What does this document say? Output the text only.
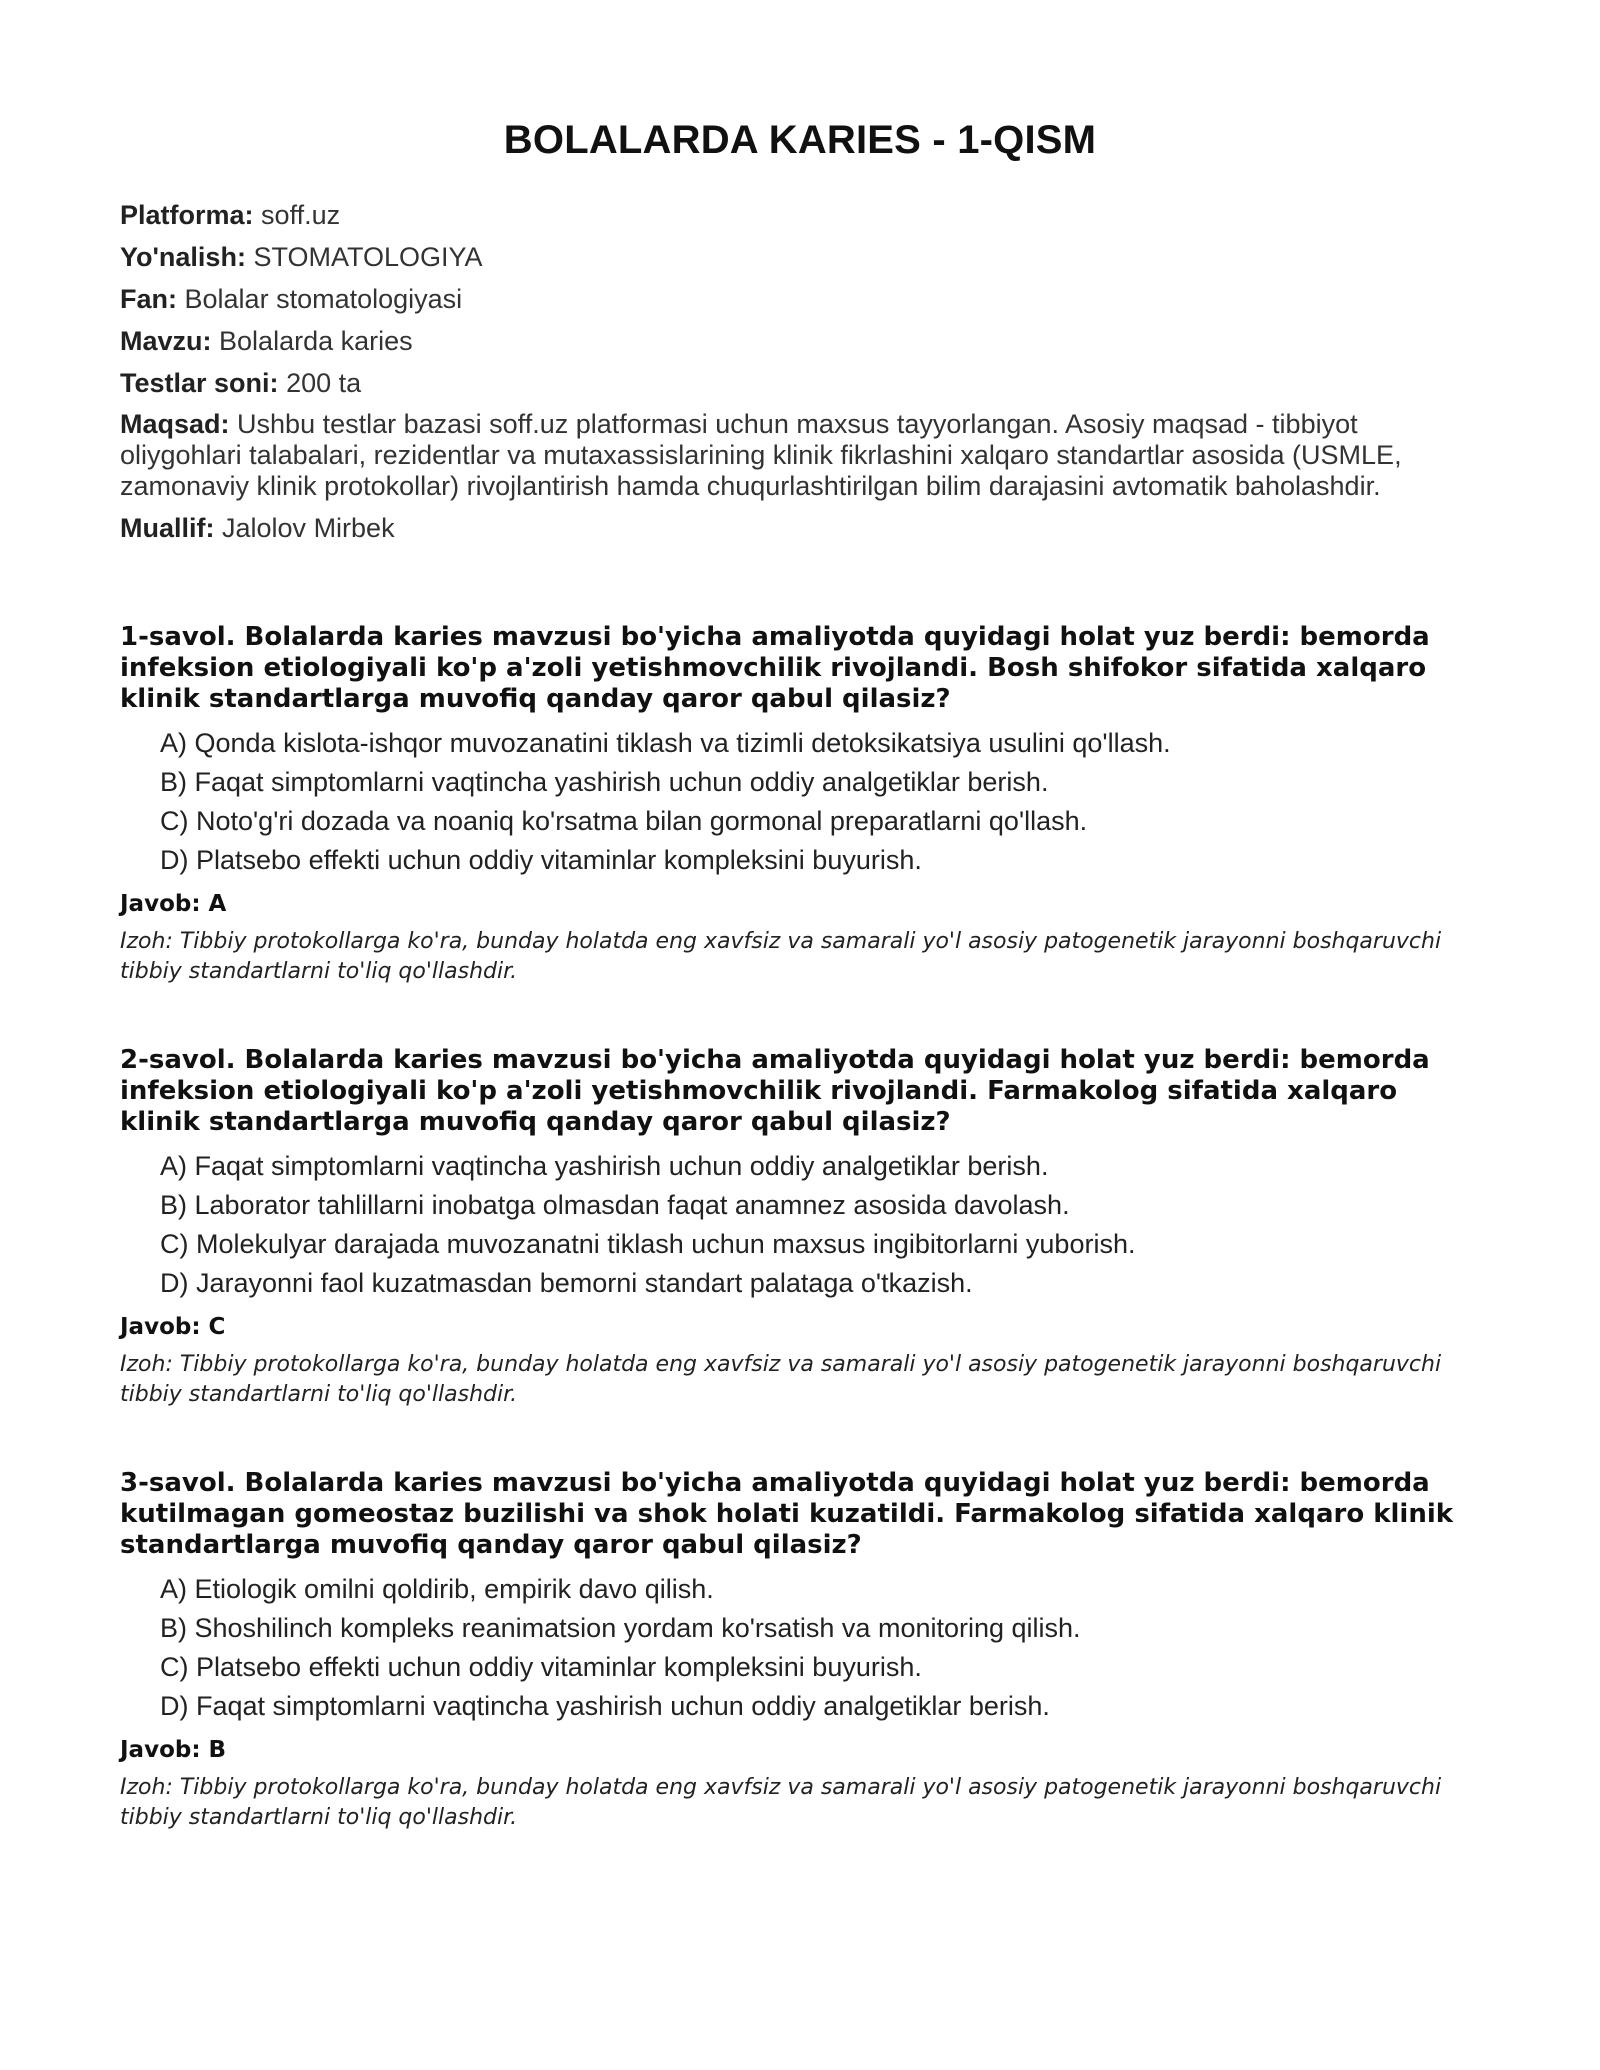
BOLALARDA KARIES - 1-QISM
Platforma: soff.uz
Yo'nalish: STOMATOLOGIYA
Fan: Bolalar stomatologiyasi
Mavzu: Bolalarda karies
Testlar soni: 200 ta
Maqsad: Ushbu testlar bazasi soff.uz platformasi uchun maxsus tayyorlangan. Asosiy maqsad - tibbiyot oliygohlari talabalari, rezidentlar va mutaxassislarining klinik fikrlashini xalqaro standartlar asosida (USMLE, zamonaviy klinik protokollar) rivojlantirish hamda chuqurlashtirilgan bilim darajasini avtomatik baholashdir.
Muallif: Jalolov Mirbek

1-savol. Bolalarda karies mavzusi bo'yicha amaliyotda quyidagi holat yuz berdi: bemorda infeksion etiologiyali ko'p a'zoli yetishmovchilik rivojlandi. Bosh shifokor sifatida xalqaro klinik standartlarga muvofiq qanday qaror qabul qilasiz?

A) Qonda kislota-ishqor muvozanatini tiklash va tizimli detoksikatsiya usulini qo'llash.
B) Faqat simptomlarni vaqtincha yashirish uchun oddiy analgetiklar berish.
C) Noto'g'ri dozada va noaniq ko'rsatma bilan gormonal preparatlarni qo'llash.
D) Platsebo effekti uchun oddiy vitaminlar kompleksini buyurish.
Javob: A

Izoh: Tibbiy protokollarga ko'ra, bunday holatda eng xavfsiz va samarali yo'l asosiy patogenetik jarayonni boshqaruvchi tibbiy standartlarni to'liq qo'llashdir.

2-savol. Bolalarda karies mavzusi bo'yicha amaliyotda quyidagi holat yuz berdi: bemorda infeksion etiologiyali ko'p a'zoli yetishmovchilik rivojlandi. Farmakolog sifatida xalqaro klinik standartlarga muvofiq qanday qaror qabul qilasiz?

A) Faqat simptomlarni vaqtincha yashirish uchun oddiy analgetiklar berish.
B) Laborator tahlillarni inobatga olmasdan faqat anamnez asosida davolash.
C) Molekulyar darajada muvozanatni tiklash uchun maxsus ingibitorlarni yuborish.
D) Jarayonni faol kuzatmasdan bemorni standart palataga o'tkazish.
Javob: C

Izoh: Tibbiy protokollarga ko'ra, bunday holatda eng xavfsiz va samarali yo'l asosiy patogenetik jarayonni boshqaruvchi tibbiy standartlarni to'liq qo'llashdir.

3-savol. Bolalarda karies mavzusi bo'yicha amaliyotda quyidagi holat yuz berdi: bemorda kutilmagan gomeostaz buzilishi va shok holati kuzatildi. Farmakolog sifatida xalqaro klinik standartlarga muvofiq qanday qaror qabul qilasiz?

A) Etiologik omilni qoldirib, empirik davo qilish.
B) Shoshilinch kompleks reanimatsion yordam ko'rsatish va monitoring qilish.
C) Platsebo effekti uchun oddiy vitaminlar kompleksini buyurish.
D) Faqat simptomlarni vaqtincha yashirish uchun oddiy analgetiklar berish.
Javob: B

Izoh: Tibbiy protokollarga ko'ra, bunday holatda eng xavfsiz va samarali yo'l asosiy patogenetik jarayonni boshqaruvchi tibbiy standartlarni to'liq qo'llashdir.
